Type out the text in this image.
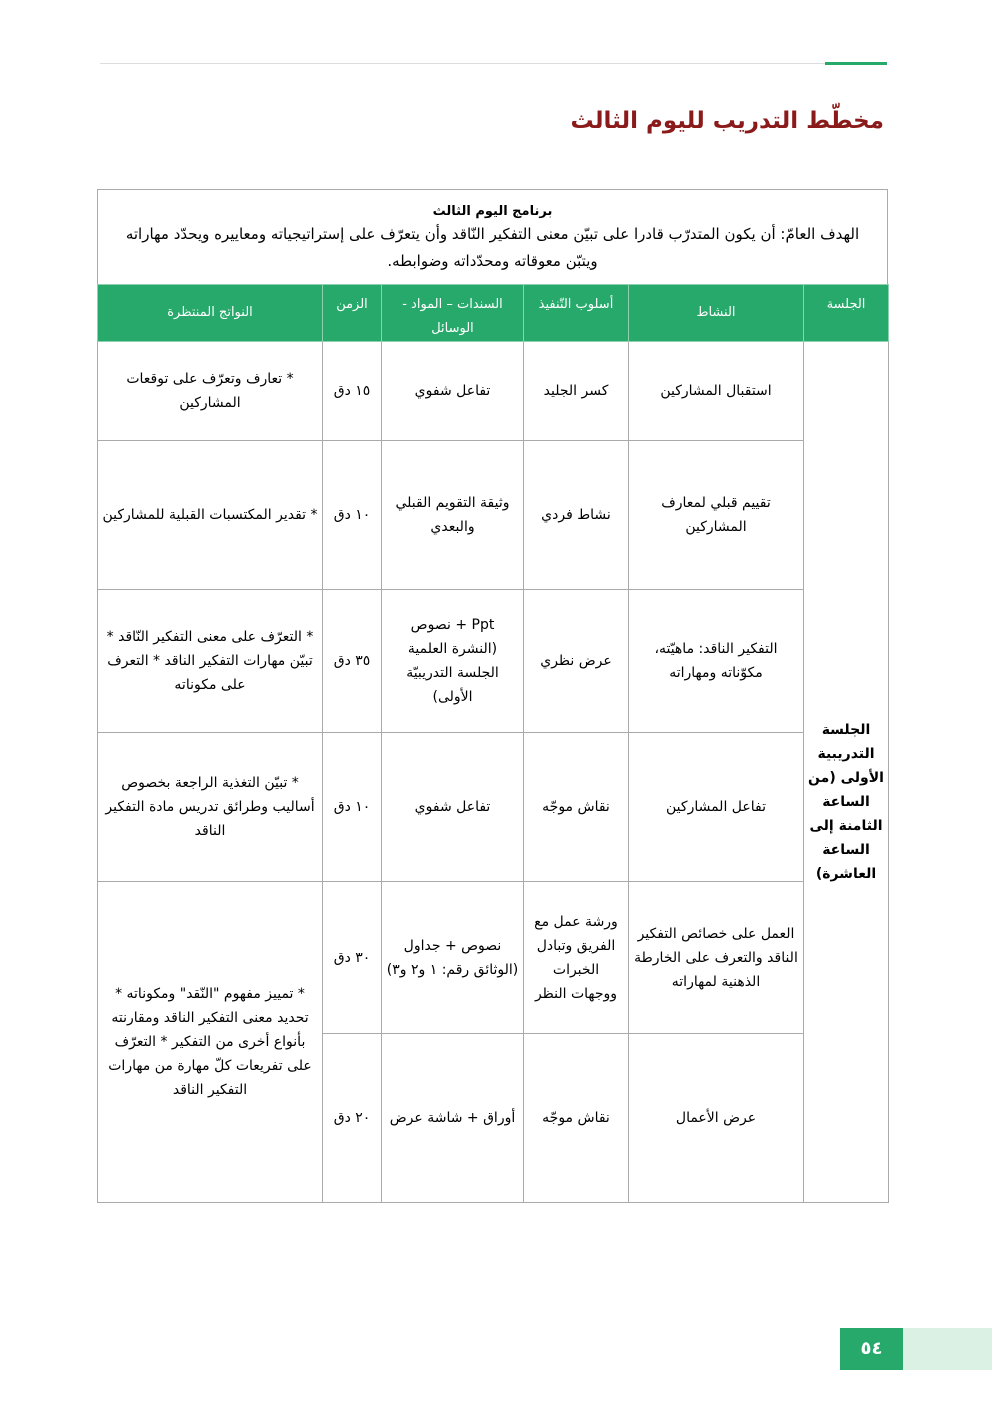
مخطّط التدريب لليوم الثالث
برنامج اليوم الثالث
الهدف العامّ: أن يكون المتدرّب قادرا على تبيّن معنى التفكير النّاقد وأن يتعرّف على إستراتيجياته ومعاييره ويحدّد مهاراته ويتبّن معوقاته ومحدّداته وضوابطه.
الجلسة	النشاط	أسلوب التّنفيذ	السندات – المواد - الوسائل	الزمن	النواتج المنتظرة
الجلسة التدريبية الأولى (من الساعة الثامنة إلى الساعة العاشرة)	استقبال المشاركين	كسر الجليد	تفاعل شفوي	١٥ دق	* تعارف وتعرّف على توقعات المشاركين
	تقييم قبلي لمعارف المشاركين	نشاط فردي	وثيقة التقويم القبلي والبعدي	١٠ دق	* تقدير المكتسبات القبلية للمشاركين
	التفكير الناقد: ماهيّته، مكوّناته ومهاراته	عرض نظري	Ppt + نصوص (النشرة العلمية الجلسة التدريبيّة الأولى)	٣٥ دق	* التعرّف على معنى التفكير النّاقد * تبيّن مهارات التفكير الناقد * التعرف على مكوناته
	تفاعل المشاركين	نقاش موجّه	تفاعل شفوي	١٠ دق	* تبيّن التغذية الراجعة بخصوص أساليب وطرائق تدريس مادة التفكير الناقد
	العمل على خصائص التفكير الناقد والتعرف على الخارطة الذهنية لمهاراته	ورشة عمل مع الفريق وتبادل الخبرات ووجهات النظر	نصوص + جداول (الوثائق رقم: ١ و٢ و٣)	٣٠ دق	* تمييز مفهوم "النّقد" ومكوناته * تحديد معنى التفكير الناقد ومقارنته بأنواع أخرى من التفكير * التعرّف على تفريعات كلّ مهارة من مهارات التفكير الناقد
	عرض الأعمال	نقاش موجّه	أوراق + شاشة عرض	٢٠ دق	
٥٤
